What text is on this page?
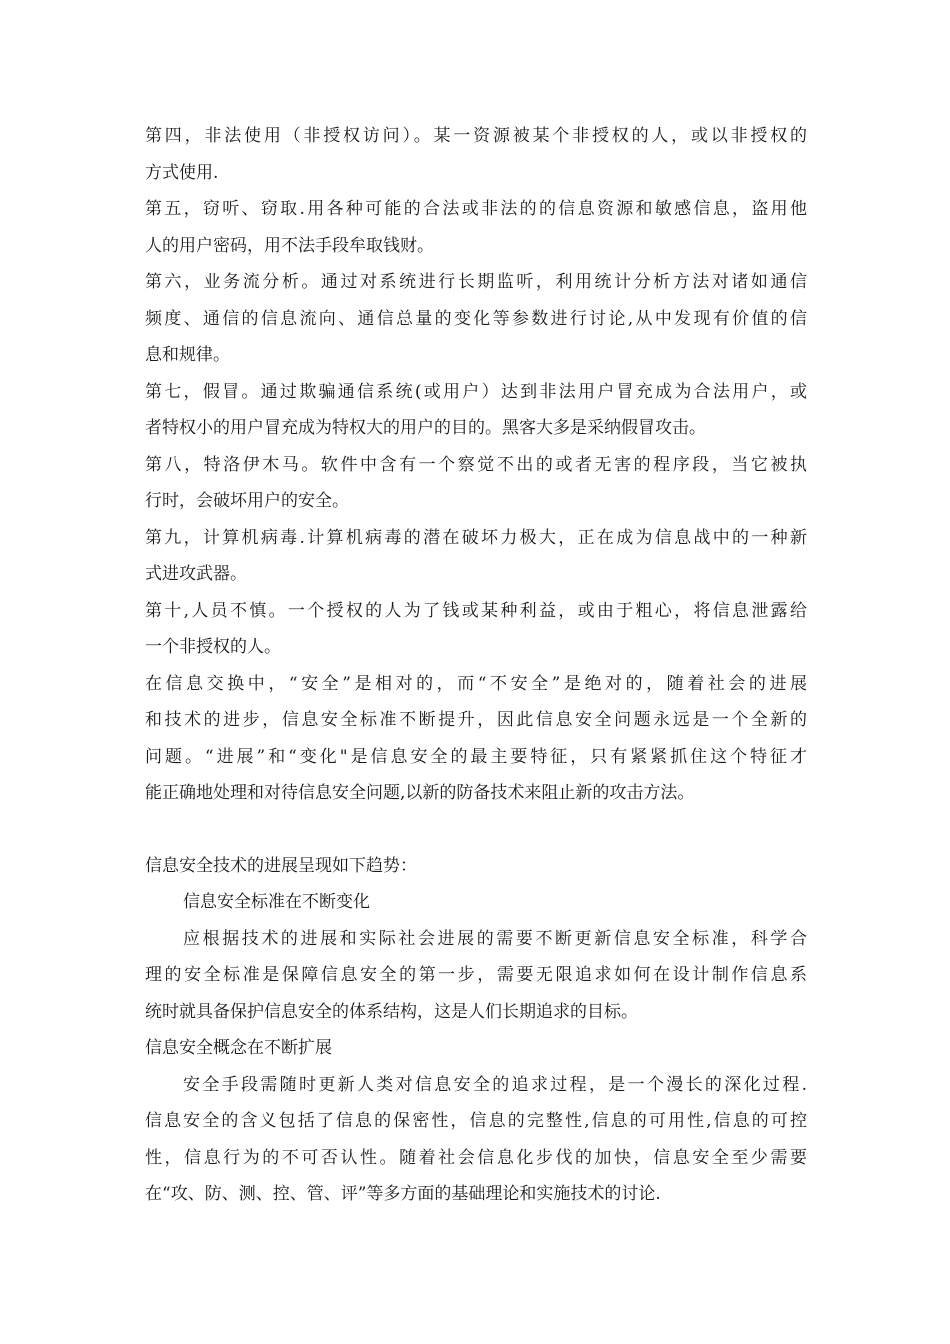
第四，非法使用（非授权访问）。某一资源被某个非授权的人，或以非授权的
方式使用.
第五，窃听、窃取.用各种可能的合法或非法的的信息资源和敏感信息，盗用他
人的用户密码，用不法手段牟取钱财。
第六，业务流分析。通过对系统进行长期监听，利用统计分析方法对诸如通信
频度、通信的信息流向、通信总量的变化等参数进行讨论,从中发现有价值的信
息和规律。
第七，假冒。通过欺骗通信系统(或用户）达到非法用户冒充成为合法用户，或
者特权小的用户冒充成为特权大的用户的目的。黑客大多是采纳假冒攻击。
第八，特洛伊木马。软件中含有一个察觉不出的或者无害的程序段，当它被执
行时，会破坏用户的安全。
第九，计算机病毒.计算机病毒的潜在破坏力极大，正在成为信息战中的一种新
式进攻武器。
第十,人员不慎。一个授权的人为了钱或某种利益，或由于粗心，将信息泄露给
一个非授权的人。
在信息交换中，“安全”是相对的，而“不安全”是绝对的，随着社会的进展
和技术的进步，信息安全标准不断提升，因此信息安全问题永远是一个全新的
问题。“进展”和“变化"是信息安全的最主要特征，只有紧紧抓住这个特征才
能正确地处理和对待信息安全问题,以新的防备技术来阻止新的攻击方法。
信息安全技术的进展呈现如下趋势：
信息安全标准在不断变化
应根据技术的进展和实际社会进展的需要不断更新信息安全标准，科学合
理的安全标准是保障信息安全的第一步，需要无限追求如何在设计制作信息系
统时就具备保护信息安全的体系结构，这是人们长期追求的目标。
信息安全概念在不断扩展
安全手段需随时更新人类对信息安全的追求过程，是一个漫长的深化过程.
信息安全的含义包括了信息的保密性，信息的完整性,信息的可用性,信息的可控
性，信息行为的不可否认性。随着社会信息化步伐的加快，信息安全至少需要
在“攻、防、测、控、管、评”等多方面的基础理论和实施技术的讨论.
